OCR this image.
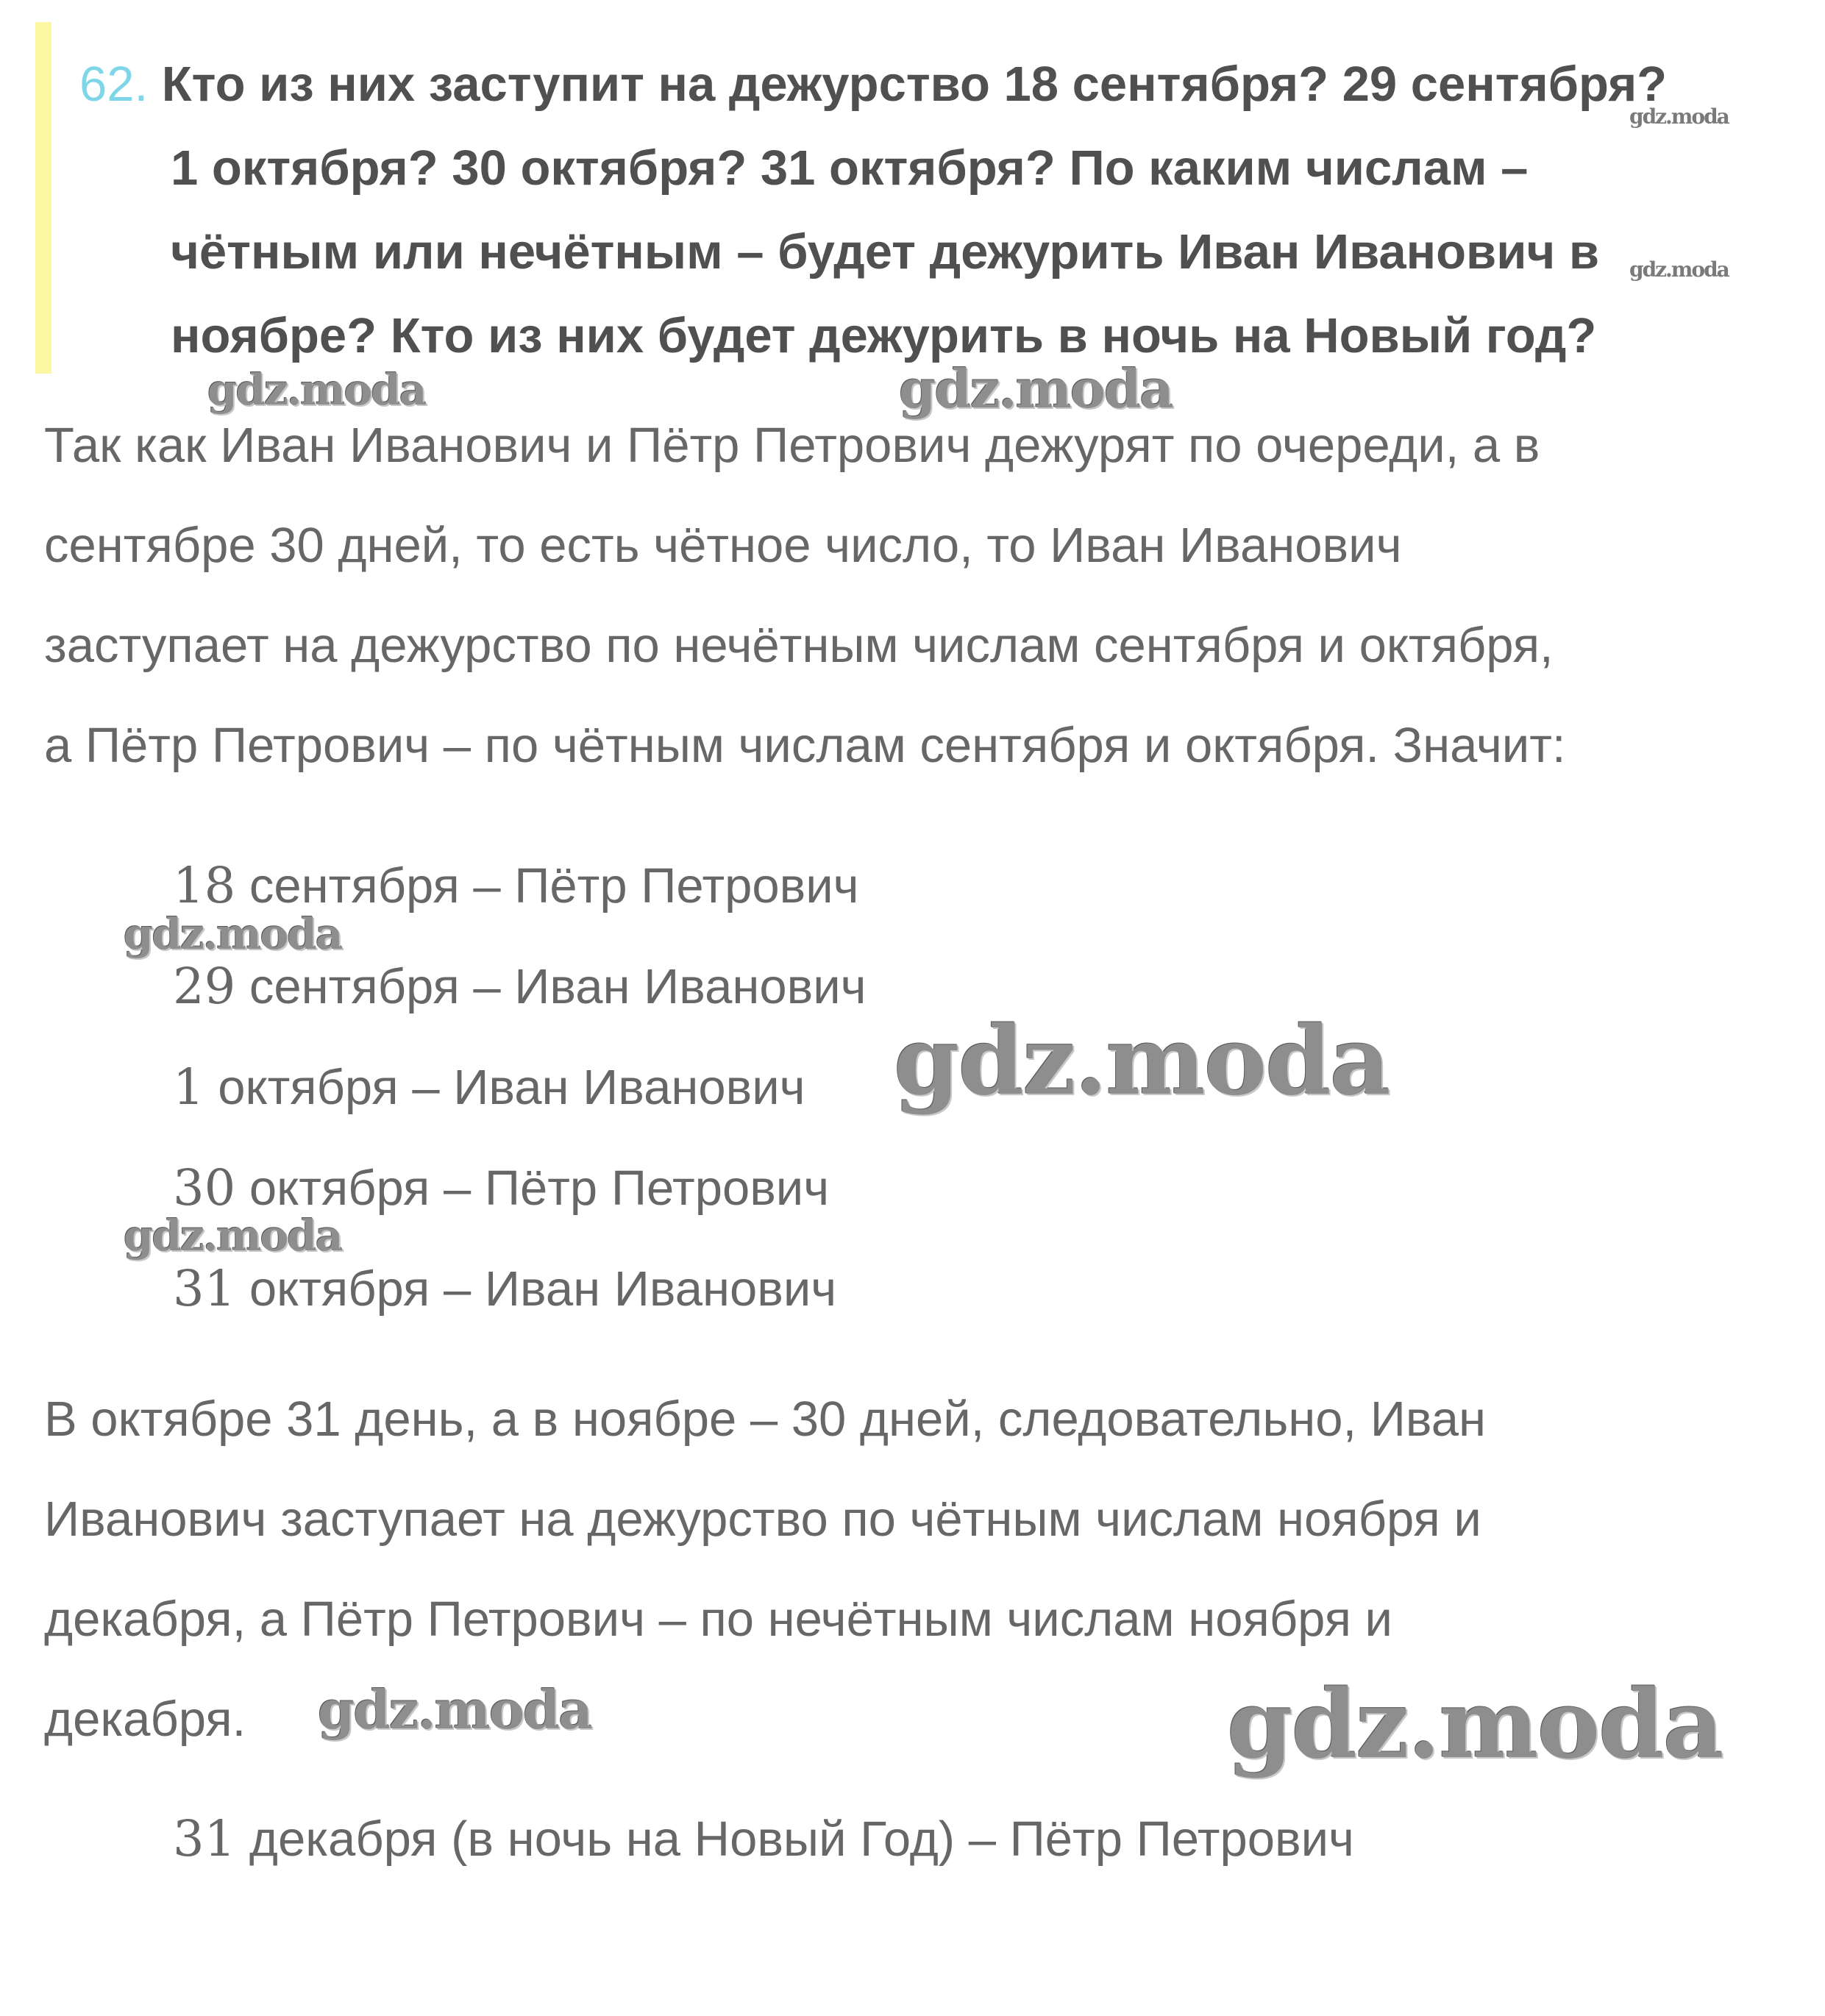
62. Кто из них заступит на дежурство 18 сентября? 29 сентября?
1 октября? 30 октября? 31 октября? По каким числам –
чётным или нечётным – будет дежурить Иван Иванович в
ноябре? Кто из них будет дежурить в ночь на Новый год?
Так как Иван Иванович и Пётр Петрович дежурят по очереди, а в
сентябре 30 дней, то есть чётное число, то Иван Иванович
заступает на дежурство по нечётным числам сентября и октября,
а Пётр Петрович – по чётным числам сентября и октября. Значит:
18 сентября – Пётр Петрович
29 сентября – Иван Иванович
1 октября – Иван Иванович
30 октября – Пётр Петрович
31 октября – Иван Иванович
В октябре 31 день, а в ноябре – 30 дней, следовательно, Иван
Иванович заступает на дежурство по чётным числам ноября и
декабря, а Пётр Петрович – по нечётным числам ноября и
декабря.
31 декабря (в ночь на Новый Год) – Пётр Петрович
gdz.moda
gdz.moda
gdz.moda	gdz.moda
gdz.moda
gdz.moda
gdz.moda
gdz.moda	gdz.moda
